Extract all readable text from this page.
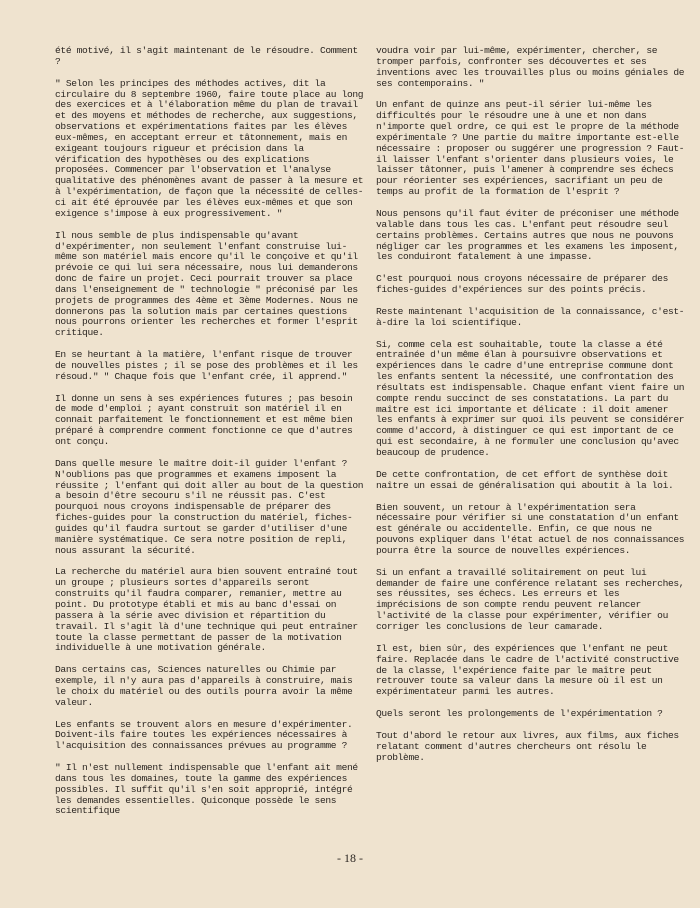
été motivé, il s'agit maintenant de le résoudre. Comment ?

" Selon les principes des méthodes actives, dit la circulaire du 8 septembre 1960, faire toute place au long des exercices et à l'élaboration même du plan de travail et des moyens et méthodes de recherche, aux suggestions, observations et expérimentations faites par les élèves eux-mêmes, en acceptant erreur et tâtonnement, mais en exigeant toujours rigueur et précision dans la vérification des hypothèses ou des explications proposées. Commencer par l'observation et l'analyse qualitative des phénomènes avant de passer à la mesure et à l'expérimentation, de façon que la nécessité de celles-ci ait été éprouvée par les élèves eux-mêmes et que son exigence s'impose à eux progressivement. "

Il nous semble de plus indispensable qu'avant d'expérimenter, non seulement l'enfant construise lui-même son matériel mais encore qu'il le conçoive et qu'il prévoie ce qui lui sera nécessaire, nous lui demanderons donc de faire un projet. Ceci pourrait trouver sa place dans l'enseignement de " technologie " préconisé par les projets de programmes des 4ème et 3ème Modernes. Nous ne donnerons pas la solution mais par certaines questions nous pourrons orienter les recherches et former l'esprit critique.

En se heurtant à la matière, l'enfant risque de trouver de nouvelles pistes ; il se pose des problèmes et il les résoud." " Chaque fois que l'enfant crée, il apprend."

Il donne un sens à ses expériences futures ; pas besoin de mode d'emploi ; ayant construit son matériel il en connait parfaitement le fonctionnement et est même bien préparé à comprendre comment fonctionne ce que d'autres ont conçu.

Dans quelle mesure le maître doit-il guider l'enfant ? N'oublions pas que programmes et examens imposent la réussite ; l'enfant qui doit aller au bout de la question a besoin d'être secouru s'il ne réussit pas. C'est pourquoi nous croyons indispensable de préparer des fiches-guides pour la construction du matériel, fiches-guides qu'il faudra surtout se garder d'utiliser d'une manière systématique. Ce sera notre position de repli, nous assurant la sécurité.

La recherche du matériel aura bien souvent entraîné tout un groupe ; plusieurs sortes d'appareils seront construits qu'il faudra comparer, remanier, mettre au point. Du prototype établi et mis au banc d'essai on passera à la série avec division et répartition du travail. Il s'agit là d'une technique qui peut entraîner toute la classe permettant de passer de la motivation individuelle à une motivation générale.

Dans certains cas, Sciences naturelles ou Chimie par exemple, il n'y aura pas d'appareils à construire, mais le choix du matériel ou des outils pourra avoir la même valeur.

Les enfants se trouvent alors en mesure d'expérimenter. Doivent-ils faire toutes les expériences nécessaires à l'acquisition des connaissances prévues au programme ?

" Il n'est nullement indispensable que l'enfant ait mené dans tous les domaines, toute la gamme des expériences possibles. Il suffit qu'il s'en soit approprié, intégré les demandes essentielles. Quiconque possède le sens scientifique

voudra voir par lui-même, expérimenter, chercher, se tromper parfois, confronter ses découvertes et ses inventions avec les trouvailles plus ou moins géniales de ses contemporains. "

Un enfant de quinze ans peut-il sérier lui-même les difficultés pour le résoudre une à une et non dans n'importe quel ordre, ce qui est le propre de la méthode expérimentale ? Une partie du maître importante est-elle nécessaire : proposer ou suggérer une progression ? Faut-il laisser l'enfant s'orienter dans plusieurs voies, le laisser tâtonner, puis l'amener à comprendre ses échecs pour réorienter ses expériences, sacrifiant un peu de temps au profit de la formation de l'esprit ?

Nous pensons qu'il faut éviter de préconiser une méthode valable dans tous les cas. L'enfant peut résoudre seul certains problèmes. Certains autres que nous ne pouvons négliger car les programmes et les examens les imposent, les conduiront fatalement à une impasse.

C'est pourquoi nous croyons nécessaire de préparer des fiches-guides d'expériences sur des points précis.

Reste maintenant l'acquisition de la connaissance, c'est-à-dire la loi scientifique.

Si, comme cela est souhaitable, toute la classe a été entraînée d'un même élan à poursuivre observations et expériences dans le cadre d'une entreprise commune dont les enfants sentent la nécessité, une confrontation des résultats est indispensable. Chaque enfant vient faire un compte rendu succinct de ses constatations. La part du maître est ici importante et délicate : il doit amener les enfants à exprimer sur quoi ils peuvent se considérer comme d'accord, à distinguer ce qui est important de ce qui est secondaire, à ne formuler une conclusion qu'avec beaucoup de prudence.

De cette confrontation, de cet effort de synthèse doit naître un essai de généralisation qui aboutit à la loi.

Bien souvent, un retour à l'expérimentation sera nécessaire pour vérifier si une constatation d'un enfant est générale ou accidentelle. Enfin, ce que nous ne pouvons expliquer dans l'état actuel de nos connaissances pourra être la source de nouvelles expériences.

Si un enfant a travaillé solitairement on peut lui demander de faire une conférence relatant ses recherches, ses réussites, ses échecs. Les erreurs et les imprécisions de son compte rendu peuvent relancer l'activité de la classe pour expérimenter, vérifier ou corriger les conclusions de leur camarade.

Il est, bien sûr, des expériences que l'enfant ne peut faire. Replacée dans le cadre de l'activité constructive de la classe, l'expérience faite par le maître peut retrouver toute sa valeur dans la mesure où il est un expérimentateur parmi les autres.

Quels seront les prolongements de l'expérimentation ?

Tout d'abord le retour aux livres, aux films, aux fiches relatant comment d'autres chercheurs ont résolu le problème.

- 18 -
